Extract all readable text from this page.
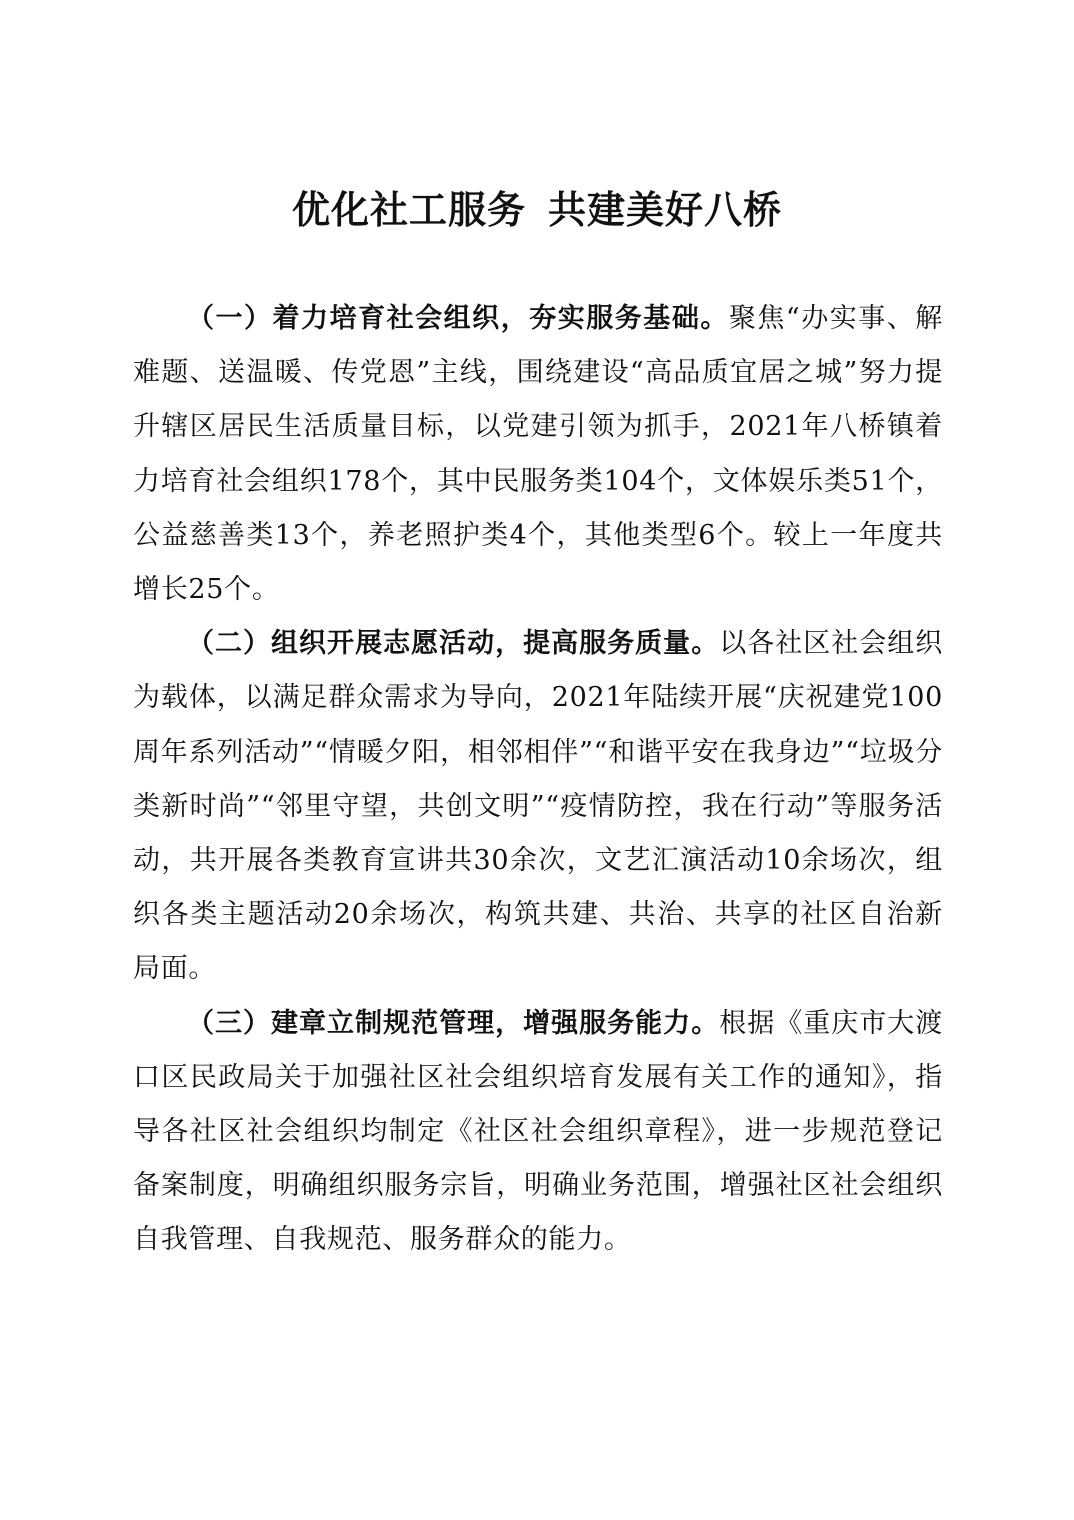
优化社工服务 共建美好八桥

（一）着力培育社会组织，夯实服务基础。聚焦“办实事、解难题、送温暖、传党恩”主线，围绕建设“高品质宜居之城”努力提升辖区居民生活质量目标，以党建引领为抓手，2021年八桥镇着力培育社会组织178个，其中民服务类104个，文体娱乐类51个，公益慈善类13个，养老照护类4个，其他类型6个。较上一年度共增长25个。

（二）组织开展志愿活动，提高服务质量。以各社区社会组织为载体，以满足群众需求为导向，2021年陆续开展“庆祝建党100周年系列活动”“情暖夕阳，相邻相伴”“和谐平安在我身边”“垃圾分类新时尚”“邻里守望，共创文明”“疫情防控，我在行动”等服务活动，共开展各类教育宣讲共30余次，文艺汇演活动10余场次，组织各类主题活动20余场次，构筑共建、共治、共享的社区自治新局面。

（三）建章立制规范管理，增强服务能力。根据《重庆市大渡口区民政局关于加强社区社会组织培育发展有关工作的通知》，指导各社区社会组织均制定《社区社会组织章程》，进一步规范登记备案制度，明确组织服务宗旨，明确业务范围，增强社区社会组织自我管理、自我规范、服务群众的能力。
